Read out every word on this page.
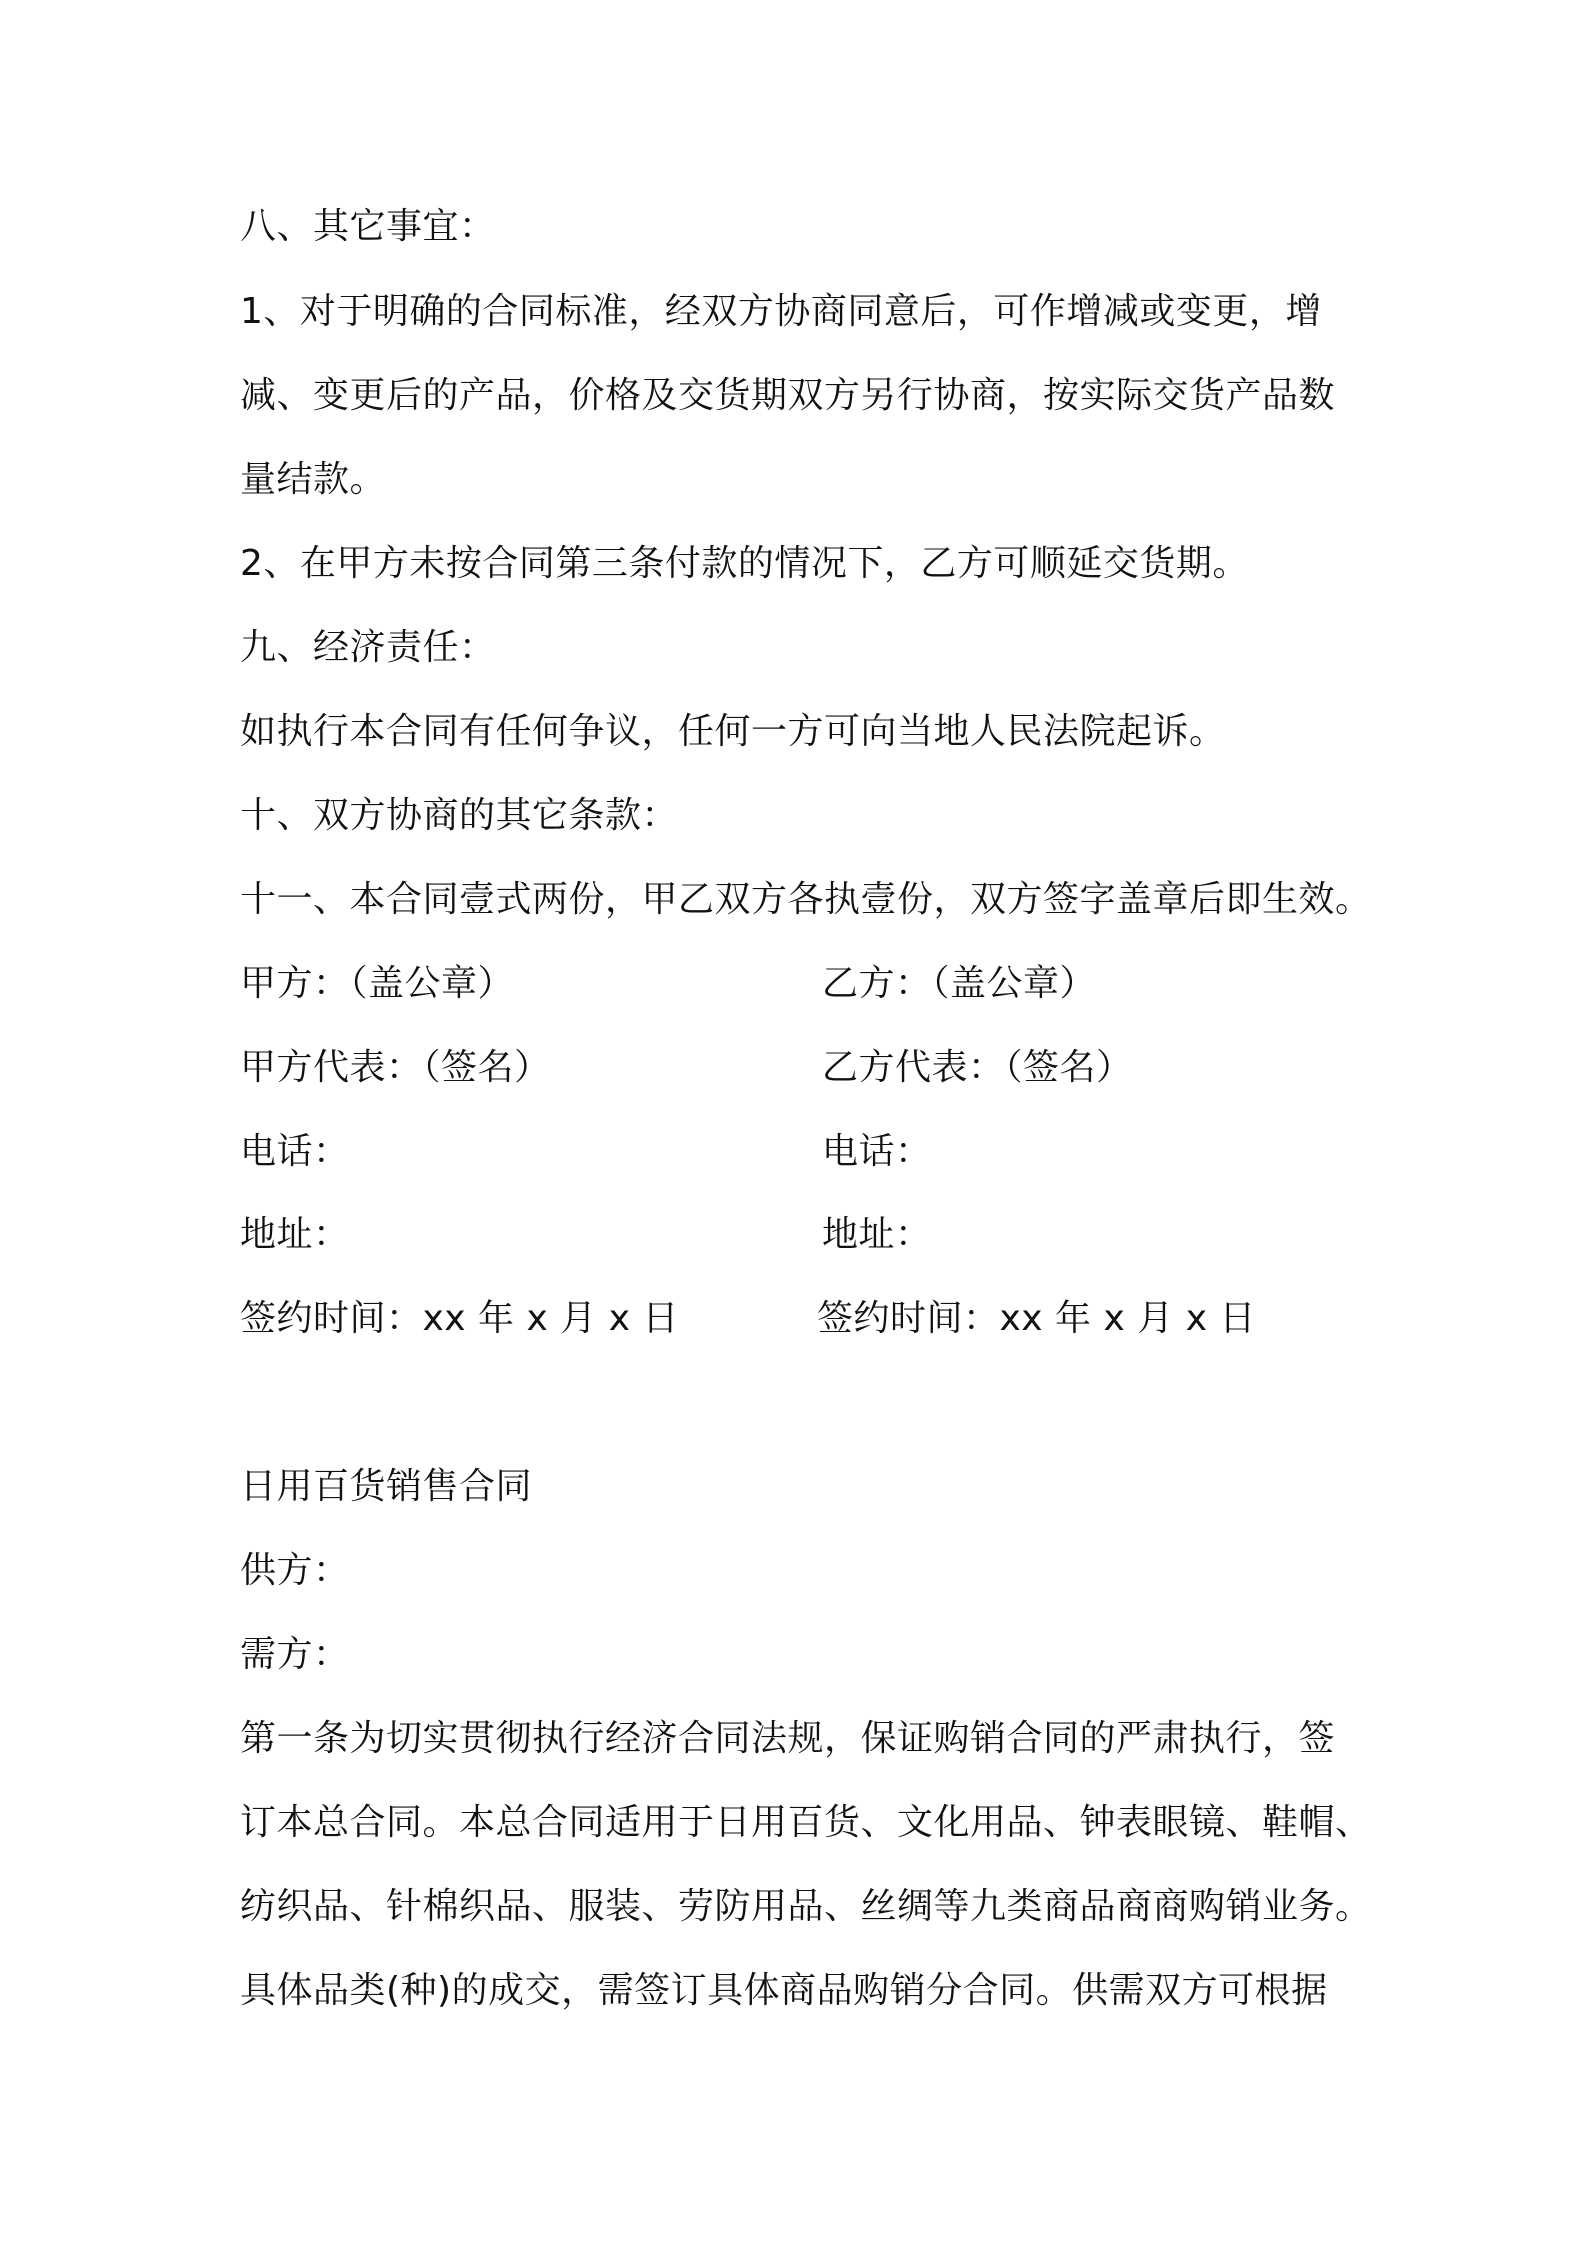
八、其它事宜：
1、对于明确的合同标准，经双方协商同意后，可作增减或变更，增
减、变更后的产品，价格及交货期双方另行协商，按实际交货产品数
量结款。
2、在甲方未按合同第三条付款的情况下，乙方可顺延交货期。
九、经济责任：
如执行本合同有任何争议，任何一方可向当地人民法院起诉。
十、双方协商的其它条款：
十一、本合同壹式两份，甲乙双方各执壹份，双方签字盖章后即生效。
甲方：（盖公章）	乙方：（盖公章）
甲方代表：（签名）	乙方代表：（签名）
电话：	电话：
地址：	地址：
签约时间：xx 年 x 月 x 日	签约时间：xx 年 x 月 x 日
日用百货销售合同
供方：
需方：
第一条为切实贯彻执行经济合同法规，保证购销合同的严肃执行，签
订本总合同。本总合同适用于日用百货、文化用品、钟表眼镜、鞋帽、
纺织品、针棉织品、服装、劳防用品、丝绸等九类商品商商购销业务。
具体品类(种)的成交，需签订具体商品购销分合同。供需双方可根据
